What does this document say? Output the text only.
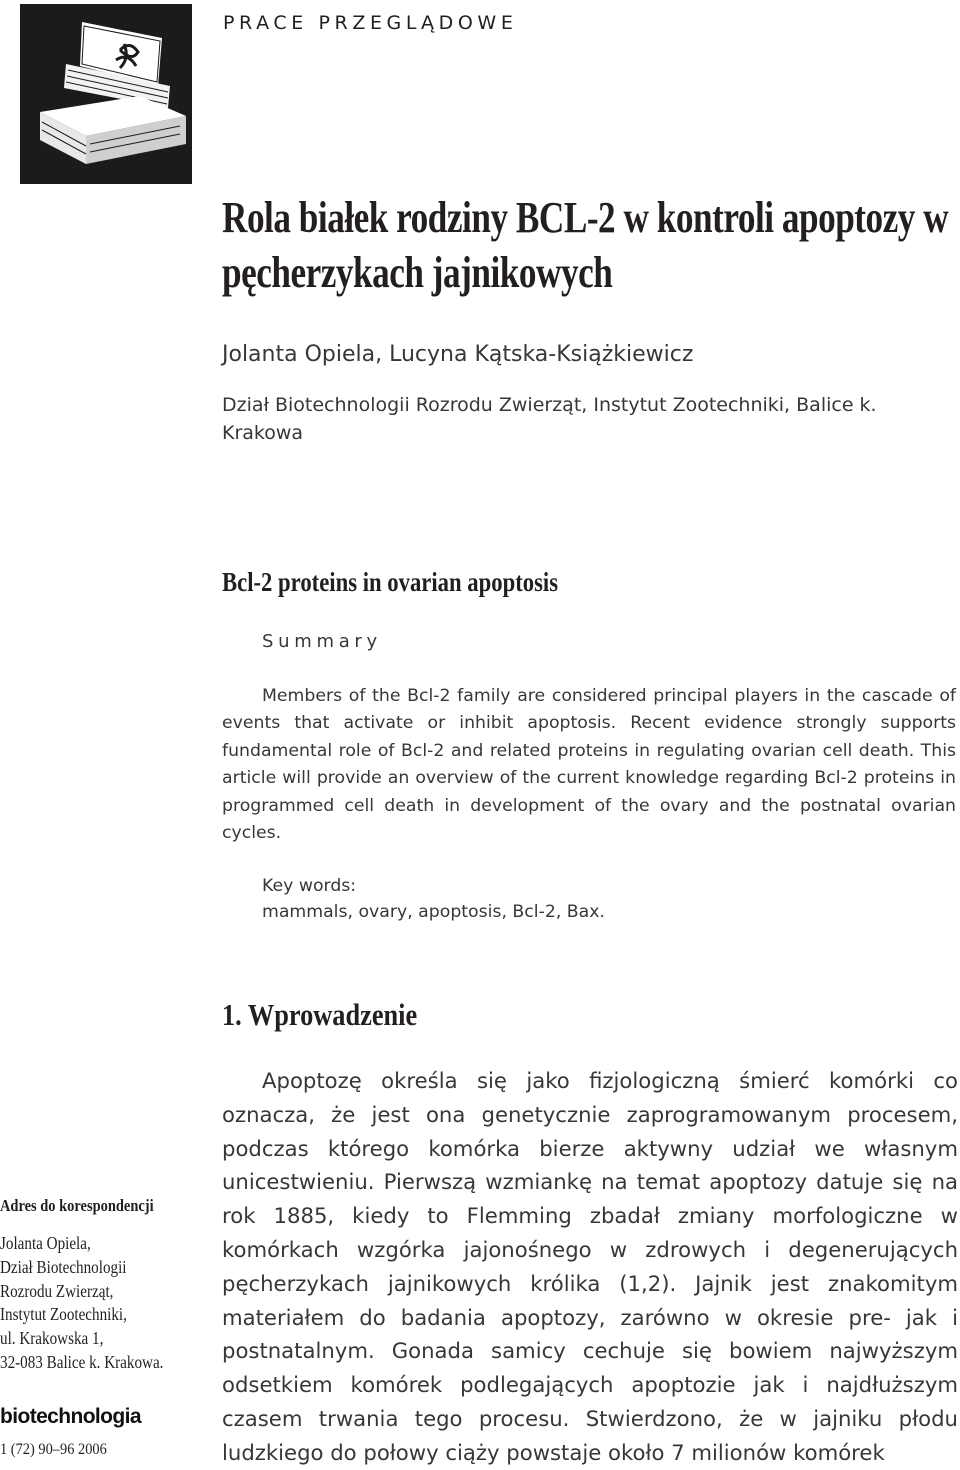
PRACE PRZEGLĄDOWE

Rola białek rodziny BCL-2 w kontroli apoptozy w pęcherzykach jajnikowych

Jolanta Opiela, Lucyna Kątska-Książkiewicz

Dział Biotechnologii Rozrodu Zwierząt, Instytut Zootechniki, Balice k. Krakowa

Bcl-2 proteins in ovarian apoptosis

Summary

Members of the Bcl-2 family are considered principal players in the cascade of events that activate or inhibit apoptosis. Recent evidence strongly supports fundamental role of Bcl-2 and related proteins in regulating ovarian cell death. This article will provide an overview of the current knowledge regarding Bcl-2 proteins in programmed cell death in development of the ovary and the postnatal ovarian cycles.

Key words:

mammals, ovary, apoptosis, Bcl-2, Bax.

1. Wprowadzenie

Apoptozę określa się jako fizjologiczną śmierć komórki co oznacza, że jest ona genetycznie zaprogramowanym procesem, podczas którego komórka bierze aktywny udział we własnym unicestwieniu. Pierwszą wzmiankę na temat apoptozy datuje się na rok 1885, kiedy to Flemming zbadał zmiany morfologiczne w komórkach wzgórka jajonośnego w zdrowych i degenerujących pęcherzykach jajnikowych królika (1,2). Jajnik jest znakomitym materiałem do badania apoptozy, zarówno w okresie pre- jak i postnatalnym. Gonada samicy cechuje się bowiem najwyższym odsetkiem komórek podlegających apoptozie jak i najdłuższym czasem trwania tego procesu. Stwierdzono, że w jajniku płodu ludzkiego do połowy ciąży powstaje około 7 milionów komórek

Adres do korespondencji

Jolanta Opiela,
Dział Biotechnologii
Rozrodu Zwierząt,
Instytut Zootechniki,
ul. Krakowska 1,
32-083 Balice k. Krakowa.

biotechnologia

1 (72) 90–96 2006
